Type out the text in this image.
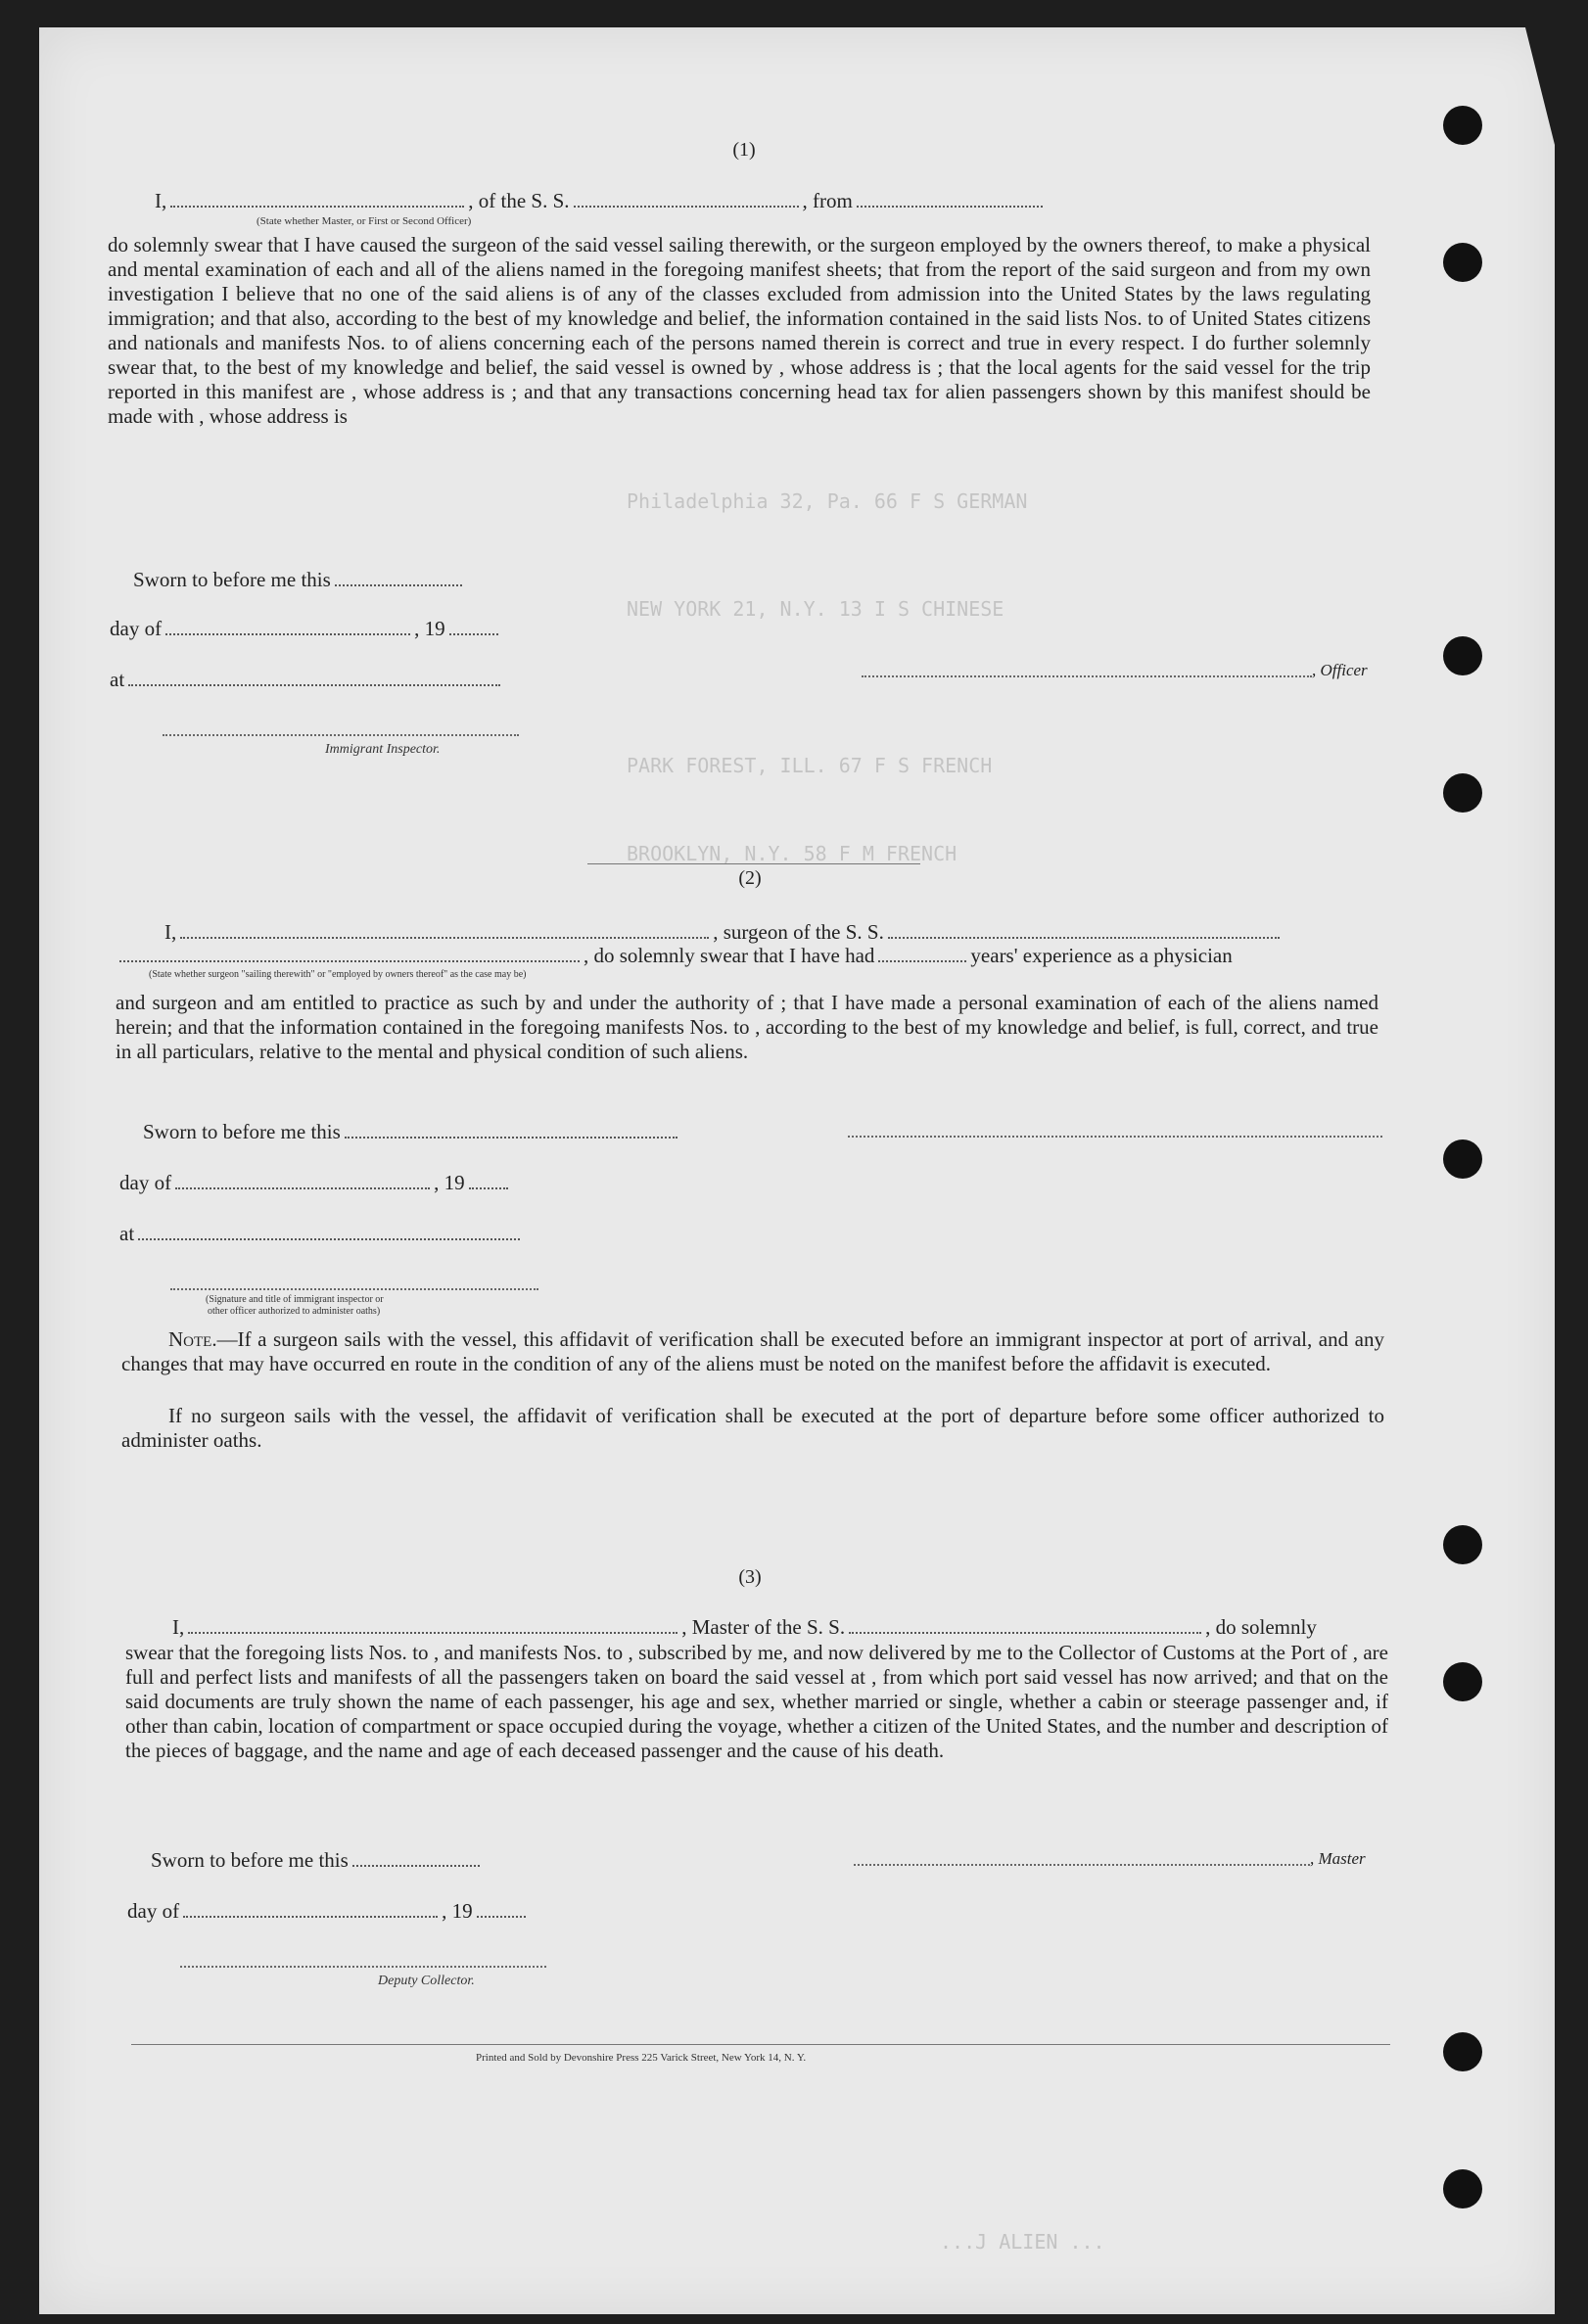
Philadelphia 32, Pa. 66 F S GERMAN
NEW YORK 21, N.Y. 13 I S CHINESE
PARK FOREST, ILL. 67 F S FRENCH
BROOKLYN, N.Y. 58 F M FRENCH
(1)
I,	, of the S. S.	, from
(State whether Master, or First or Second Officer)
do solemnly swear that I have caused the surgeon of the said vessel sailing therewith, or the surgeon employed by the owners thereof, to make a physical and mental examination of each and all of the aliens named in the foregoing manifest sheets; that from the report of the said surgeon and from my own investigation I believe that no one of the said aliens is of any of the classes excluded from admission into the United States by the laws regulating immigration; and that also, according to the best of my knowledge and belief, the information contained in the said lists Nos. to of United States citizens and nationals and manifests Nos. to of aliens concerning each of the persons named therein is correct and true in every respect. I do further solemnly swear that, to the best of my knowledge and belief, the said vessel is owned by , whose address is ; that the local agents for the said vessel for the trip reported in this manifest are , whose address is ; and that any transactions concerning head tax for alien passengers shown by this manifest should be made with , whose address is
Sworn to before me this
day of	, 19
at	, Officer
Immigrant Inspector.
(2)
I,	, surgeon of the S. S.
, do solemnly swear that I have had	years' experience as a physician
(State whether surgeon "sailing therewith" or "employed by owners thereof" as the case may be)
and surgeon and am entitled to practice as such by and under the authority of ; that I have made a personal examination of each of the aliens named herein; and that the information contained in the foregoing manifests Nos. to , according to the best of my knowledge and belief, is full, correct, and true in all particulars, relative to the mental and physical condition of such aliens.
Sworn to before me this
day of	, 19
at
(Signature and title of immigrant inspector or
other officer authorized to administer oaths)
Note.—If a surgeon sails with the vessel, this affidavit of verification shall be executed before an immigrant inspector at port of arrival, and any changes that may have occurred en route in the condition of any of the aliens must be noted on the manifest before the affidavit is executed.
If no surgeon sails with the vessel, the affidavit of verification shall be executed at the port of departure before some officer authorized to administer oaths.
(3)
I,	, Master of the S. S.	, do solemnly
swear that the foregoing lists Nos. to , and manifests Nos. to , subscribed by me, and now delivered by me to the Collector of Customs at the Port of , are full and perfect lists and manifests of all the passengers taken on board the said vessel at , from which port said vessel has now arrived; and that on the said documents are truly shown the name of each passenger, his age and sex, whether married or single, whether a cabin or steerage passenger and, if other than cabin, location of compartment or space occupied during the voyage, whether a citizen of the United States, and the number and description of the pieces of baggage, and the name and age of each deceased passenger and the cause of his death.
Sworn to before me this	, Master
day of	, 19
Deputy Collector.
Printed and Sold by Devonshire Press 225 Varick Street, New York 14, N. Y.
...J ALIEN ...
